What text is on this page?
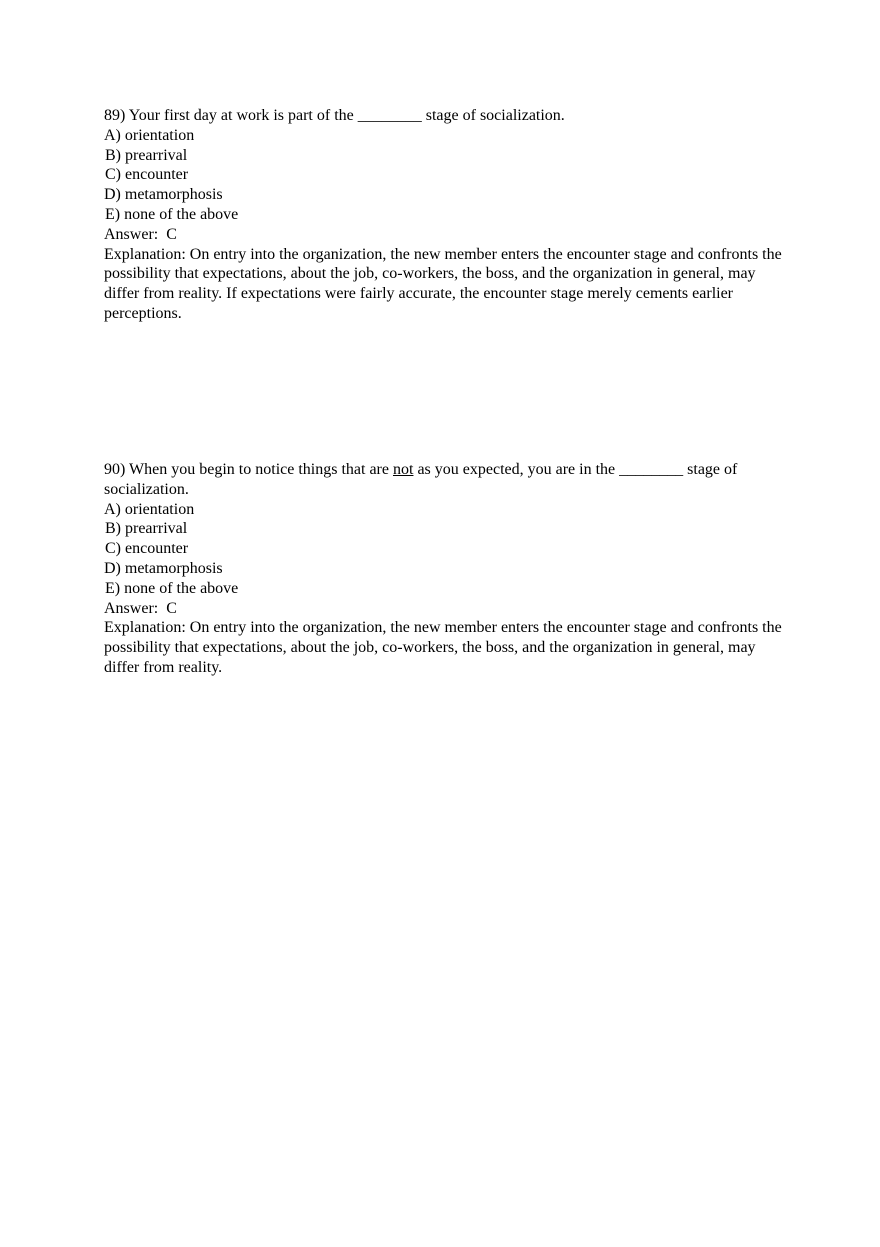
89) Your first day at work is part of the ________ stage of socialization.
A) orientation
B) prearrival
C) encounter
D) metamorphosis
E) none of the above
Answer: C
Explanation: On entry into the organization, the new member enters the encounter stage and confronts the possibility that expectations, about the job, co-workers, the boss, and the organization in general, may differ from reality. If expectations were fairly accurate, the encounter stage merely cements earlier perceptions.
90) When you begin to notice things that are not as you expected, you are in the ________ stage of socialization.
A) orientation
B) prearrival
C) encounter
D) metamorphosis
E) none of the above
Answer: C
Explanation: On entry into the organization, the new member enters the encounter stage and confronts the possibility that expectations, about the job, co-workers, the boss, and the organization in general, may differ from reality.
